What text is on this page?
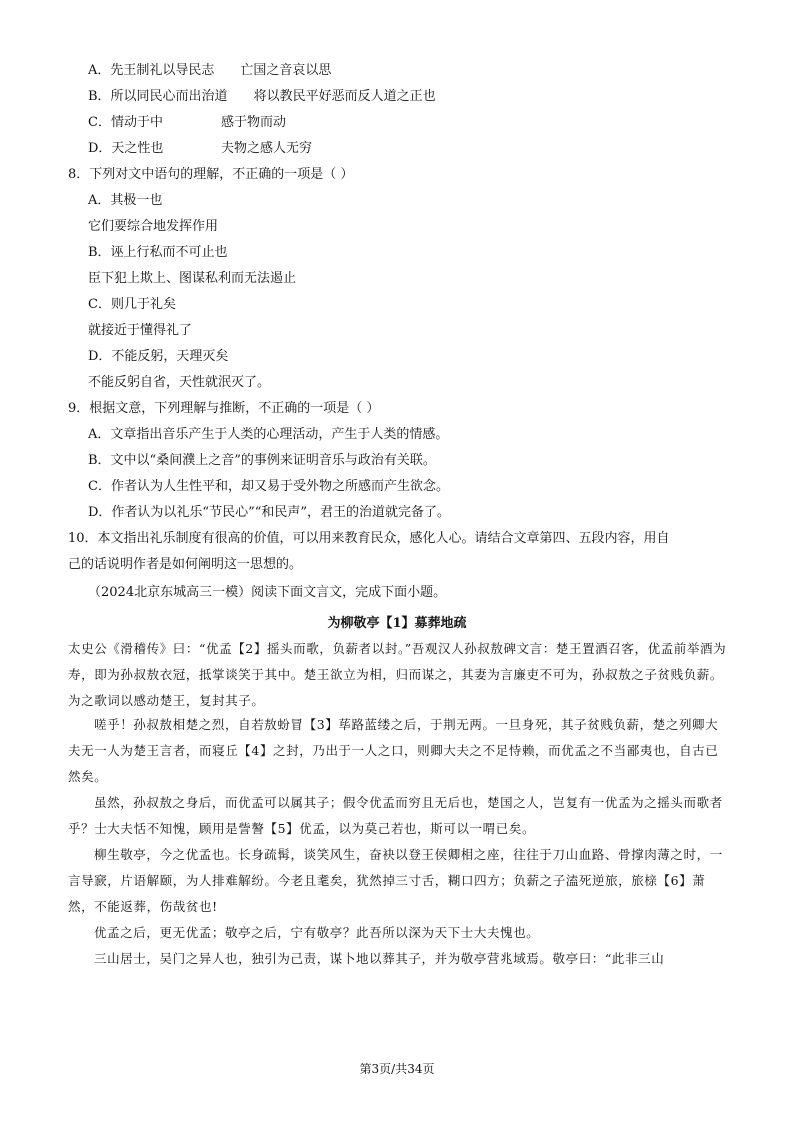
A．先王制礼以导民志 亡国之音哀以思
B．所以同民心而出治道 将以教民平好恶而反人道之正也
C．情动于中	感于物而动
D．天之性也	夫物之感人无穷
8．下列对文中语句的理解，不正确的一项是（ ）
A．其极一也
它们要综合地发挥作用
B．诬上行私而不可止也
臣下犯上欺上、图谋私利而无法遏止
C．则几于礼矣
就接近于懂得礼了
D．不能反躬，天理灭矣
不能反躬自省，天性就泯灭了。
9．根据文意，下列理解与推断，不正确的一项是（ ）
A．文章指出音乐产生于人类的心理活动，产生于人类的情感。
B．文中以“桑间濮上之音”的事例来证明音乐与政治有关联。
C．作者认为人生性平和，却又易于受外物之所感而产生欲念。
D．作者认为以礼乐“节民心”“和民声”，君王的治道就完备了。
10．本文指出礼乐制度有很高的价值，可以用来教育民众，感化人心。请结合文章第四、五段内容，用自
己的话说明作者是如何阐明这一思想的。
（2024北京东城高三一模）阅读下面文言文，完成下面小题。
为柳敬亭【1】募葬地疏
太史公《滑稽传》曰：“优孟【2】摇头而歌，负薪者以封。”吾观汉人孙叔敖碑文言：楚王置酒召客，优孟前举酒为寿，即为孙叔敖衣冠，抵掌谈笑于其中。楚王欲立为相，归而谋之，其妻为言廉吏不可为，孙叔敖之子贫贱负薪。为之歌词以感动楚王，复封其子。
嗟乎！孙叔敖相楚之烈，自若敖蚡冒【3】荜路蓝缕之后，于荆无两。一旦身死，其子贫贱负薪，楚之列卿大夫无一人为楚王言者，而寝丘【4】之封，乃出于一人之口，则卿大夫之不足恃赖，而优孟之不当鄙夷也，自古已然矣。
虽然，孙叔敖之身后，而优孟可以属其子；假令优孟而穷且无后也，楚国之人，岂复有一优孟为之摇头而歌者乎？士大夫恬不知愧，顾用是訾謷【5】优孟，以为莫己若也，斯可以一喟已矣。
柳生敬亭，今之优孟也。长身疏髯，谈笑风生，奋袂以登王侯卿相之座，往往于刀山血路、骨撑肉薄之时，一言导窾，片语解颐，为人排难解纷。今老且耄矣，犹然掉三寸舌，糊口四方；负薪之子溘死逆旅，旅榇【6】萧然，不能返葬，伤哉贫也!
优孟之后，更无优孟；敬亭之后，宁有敬亭？此吾所以深为天下士大夫愧也。
三山居士，吴门之异人也，独引为己责，谋卜地以葬其子，并为敬亭营兆域焉。敬亭曰：“此非三山
第3页/共34页
